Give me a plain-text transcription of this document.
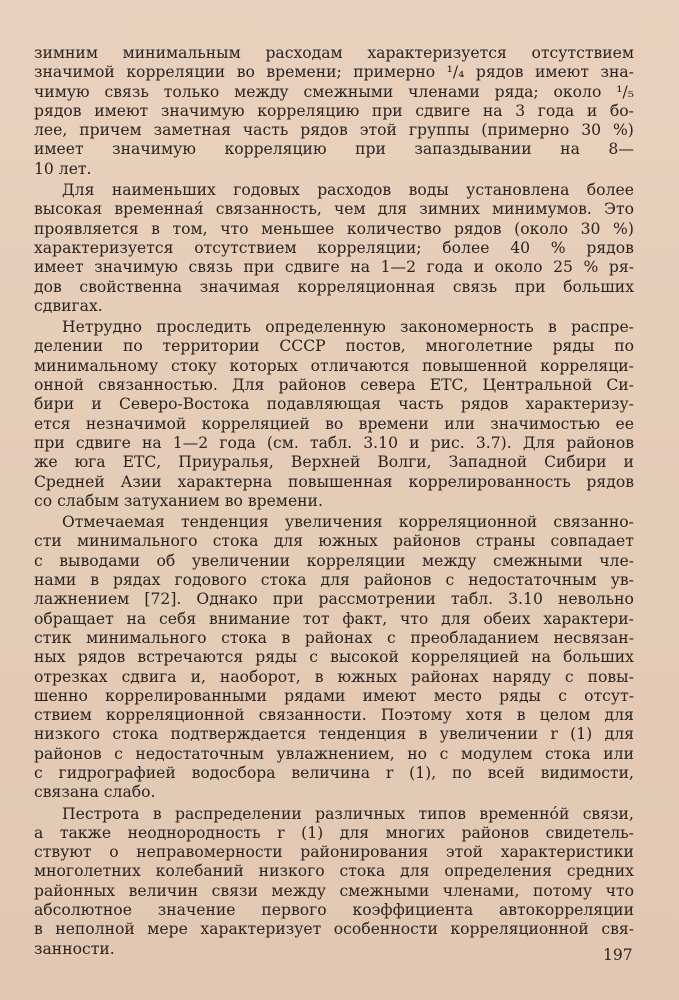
зимним минимальным расходам характеризуется отсутствием
значимой корреляции во времени; примерно ¹/₄ рядов имеют зна-
чимую связь только между смежными членами ряда; около ¹/₅
рядов имеют значимую корреляцию при сдвиге на 3 года и бо-
лее, причем заметная часть рядов этой группы (примерно 30 %)
имеет значимую корреляцию при запаздывании на 8—
10 лет.
Для наименьших годовых расходов воды установлена более
высокая временная́ связанность, чем для зимних минимумов. Это
проявляется в том, что меньшее количество рядов (около 30 %)
характеризуется отсутствием корреляции; более 40 % рядов
имеет значимую связь при сдвиге на 1—2 года и около 25 % ря-
дов свойственна значимая корреляционная связь при больших
сдвигах.
Нетрудно проследить определенную закономерность в распре-
делении по территории СССР постов, многолетние ряды по
минимальному стоку которых отличаются повышенной корреляци-
онной связанностью. Для районов севера ЕТС, Центральной Си-
бири и Северо-Востока подавляющая часть рядов характеризу-
ется незначимой корреляцией во времени или значимостью ее
при сдвиге на 1—2 года (см. табл. 3.10 и рис. 3.7). Для районов
же юга ЕТС, Приуралья, Верхней Волги, Западной Сибири и
Средней Азии характерна повышенная коррелированность рядов
со слабым затуханием во времени.
Отмечаемая тенденция увеличения корреляционной связанно-
сти минимального стока для южных районов страны совпадает
с выводами об увеличении корреляции между смежными чле-
нами в рядах годового стока для районов с недостаточным ув-
лажнением [72]. Однако при рассмотрении табл. 3.10 невольно
обращает на себя внимание тот факт, что для обеих характери-
стик минимального стока в районах с преобладанием несвязан-
ных рядов встречаются ряды с высокой корреляцией на больших
отрезках сдвига и, наоборот, в южных районах наряду с повы-
шенно коррелированными рядами имеют место ряды с отсут-
ствием корреляционной связанности. Поэтому хотя в целом для
низкого стока подтверждается тенденция в увеличении r (1) для
районов с недостаточным увлажнением, но с модулем стока или
с гидрографией водосбора величина r (1), по всей видимости,
связана слабо.
Пестрота в распределении различных типов временно́й связи,
а также неоднородность r (1) для многих районов свидетель-
ствуют о неправомерности районирования этой характеристики
многолетних колебаний низкого стока для определения средних
районных величин связи между смежными членами, потому что
абсолютное значение первого коэффициента автокорреляции
в неполной мере характеризует особенности корреляционной свя-
занности.	197
